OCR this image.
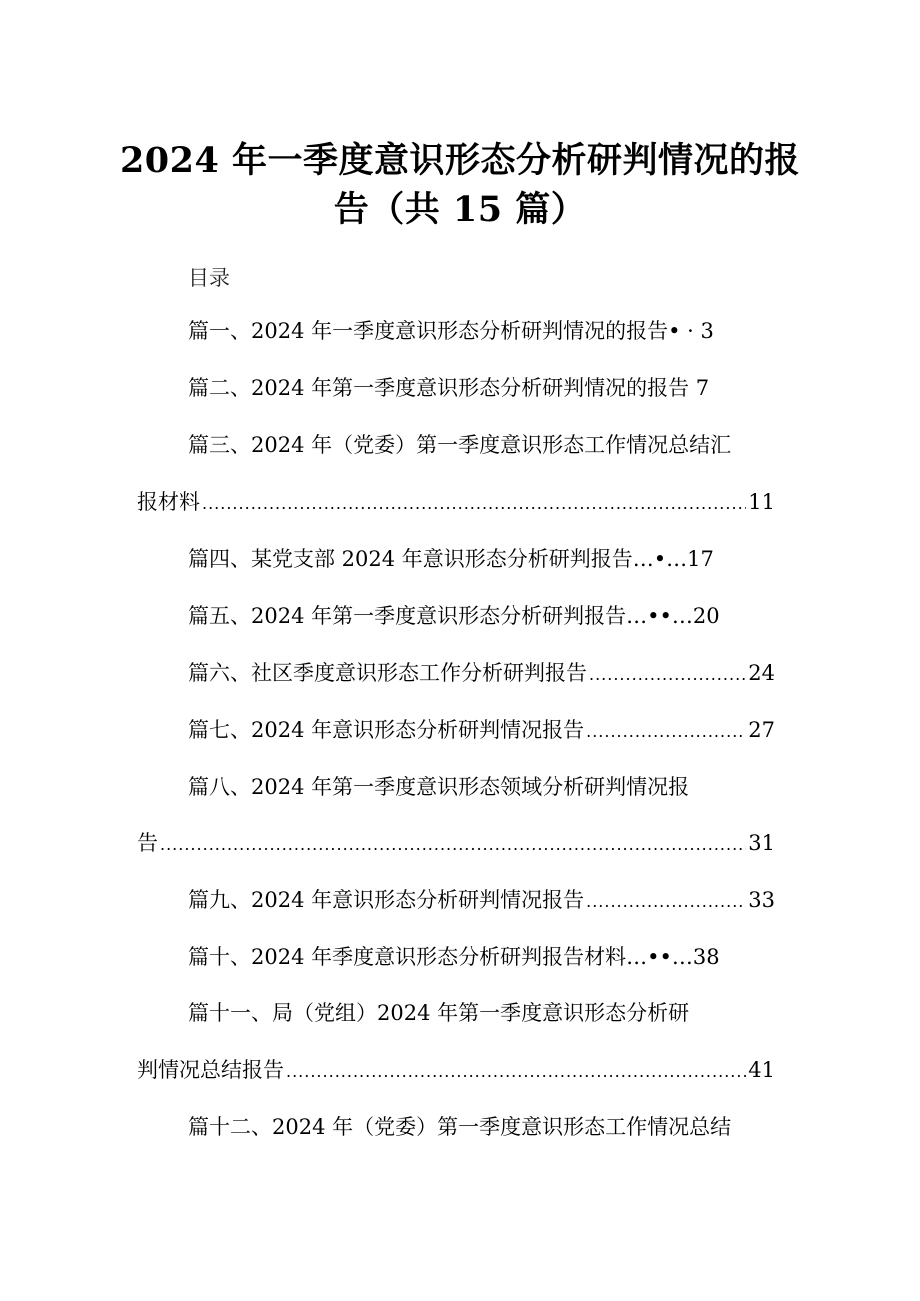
2024 年一季度意识形态分析研判情况的报
告（共 15 篇）
目录
篇一、2024 年一季度意识形态分析研判情况的报告• · 3
篇二、2024 年第一季度意识形态分析研判情况的报告 7
篇三、2024 年（党委）第一季度意识形态工作情况总结汇
报材料 .....	11
篇四、某党支部 2024 年意识形态分析研判报告…•…17
篇五、2024 年第一季度意识形态分析研判报告…••…20
篇六、社区季度意识形态工作分析研判报告 .....	24
篇七、2024 年意识形态分析研判情况报告 .....	27
篇八、2024 年第一季度意识形态领域分析研判情况报
告 .....	31
篇九、2024 年意识形态分析研判情况报告 .....	33
篇十、2024 年季度意识形态分析研判报告材料…••…38
篇十一、局（党组）2024 年第一季度意识形态分析研
判情况总结报告 .....	41
篇十二、2024 年（党委）第一季度意识形态工作情况总结
